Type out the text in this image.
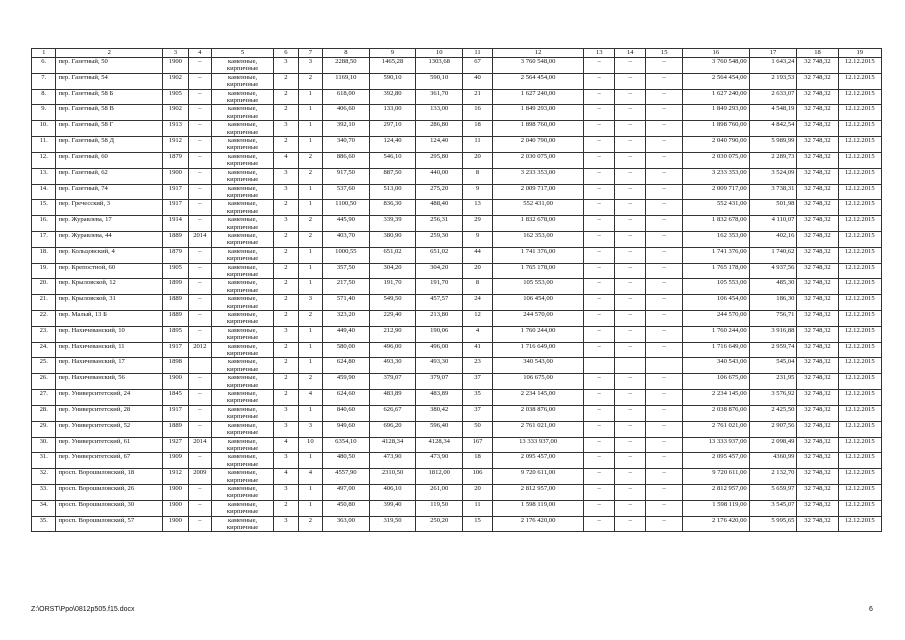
1	2	3	4	5	6	7	8	9	10	11	12	13	14	15	16	17	18	19
6.	пер. Газетный, 50	1900	–	каменные, кирпичные	3	3	2288,50	1465,28	1303,68	67	3 760 548,00	–	–	–	3 760 548,00	1 643,24	32 748,32	12.12.2015
7.	пер. Газетный, 54	1902	–	каменные, кирпичные	2	2	1169,10	590,10	590,10	40	2 564 454,00	–	–	–	2 564 454,00	2 193,53	32 748,32	12.12.2015
8.	пер. Газетный, 58 Б	1905	–	каменные, кирпичные	2	1	618,00	392,80	361,70	21	1 627 240,00	–	–	–	1 627 240,00	2 633,07	32 748,32	12.12.2015
9.	пер. Газетный, 58 В	1902	–	каменные, кирпичные	2	1	406,60	133,00	133,00	16	1 849 293,00	–	–	–	1 849 293,00	4 548,19	32 748,32	12.12.2015
10.	пер. Газетный, 58 Г	1913	–	каменные, кирпичные	3	1	392,10	297,10	286,80	18	1 898 760,00	–	–	–	1 898 760,00	4 842,54	32 748,32	12.12.2015
11.	пер. Газетный, 58 Д	1912	–	каменные, кирпичные	2	1	340,70	124,40	124,40	11	2 040 790,00	–	–	–	2 040 790,00	5 989,99	32 748,32	12.12.2015
12.	пер. Газетный, 60	1879	–	каменные, кирпичные	4	2	886,60	546,10	295,80	20	2 030 075,00	–	–	–	2 030 075,00	2 289,73	32 748,32	12.12.2015
13.	пер. Газетный, 62	1900	–	каменные, кирпичные	3	2	917,50	887,50	440,00	8	3 233 353,00	–	–	–	3 233 353,00	3 524,09	32 748,32	12.12.2015
14.	пер. Газетный, 74	1917	–	каменные, кирпичные	3	1	537,60	513,00	275,20	9	2 009 717,00	–	–	–	2 009 717,00	3 738,31	32 748,32	12.12.2015
15.	пер. Гречесский, 3	1917	–	каменные, кирпичные	2	1	1100,50	836,30	488,40	13	552 431,00	–	–	–	552 431,00	501,98	32 748,32	12.12.2015
16.	пер. Журавлева, 17	1914	–	каменные, кирпичные	3	2	445,90	339,39	256,31	29	1 832 678,00	–	–	–	1 832 678,00	4 110,07	32 748,32	12.12.2015
17.	пер. Журавлева, 44	1889	2014	каменные, кирпичные	2	2	403,70	380,90	259,30	9	162 353,00	–	–	–	162 353,00	402,16	32 748,32	12.12.2015
18.	пер. Кольцовский, 4	1879	–	каменные, кирпичные	2	1	1000,55	651,02	651,02	44	1 741 376,00	–	–	–	1 741 376,00	1 740,62	32 748,32	12.12.2015
19.	пер. Крепостной, 60	1905	–	каменные, кирпичные	2	1	357,50	304,20	304,20	20	1 765 178,00	–	–	–	1 765 178,00	4 937,56	32 748,32	12.12.2015
20.	пер. Крыловской, 12	1899	–	каменные, кирпичные	2	1	217,50	191,70	191,70	8	105 553,00	–	–	–	105 553,00	485,30	32 748,32	12.12.2015
21.	пер. Крыловской, 31	1889	–	каменные, кирпичные	2	3	571,40	549,50	457,57	24	106 454,00	–	–	–	106 454,00	186,30	32 748,32	12.12.2015
22.	пер. Малый, 13 Б	1889	–	каменные, кирпичные	2	2	323,20	229,40	213,80	12	244 570,00	–	–	–	244 570,00	756,71	32 748,32	12.12.2015
23.	пер. Нахичеванский, 10	1895	–	каменные, кирпичные	3	1	449,40	212,90	190,06	4	1 760 244,00	–	–	–	1 760 244,00	3 916,88	32 748,32	12.12.2015
24.	пер. Нахичеванский, 11	1917	2012	каменные, кирпичные	2	1	580,00	496,00	496,00	41	1 716 649,00	–	–	–	1 716 649,00	2 959,74	32 748,32	12.12.2015
25.	пер. Нахичеванский, 17	1898		каменные, кирпичные	2	1	624,80	493,30	493,30	23	340 543,00				340 543,00	545,04	32 748,32	12.12.2015
26.	пер. Нахичеванский, 56	1900	–	каменные, кирпичные	2	2	459,90	379,07	379,07	37	106 675,00	–	–	–	106 675,00	231,95	32 748,32	12.12.2015
27.	пер. Университетский, 24	1845	–	каменные, кирпичные	2	4	624,60	483,89	483,89	35	2 234 145,00	–	–	–	2 234 145,00	3 576,92	32 748,32	12.12.2015
28.	пер. Университетский, 28	1917	–	каменные, кирпичные	3	1	840,60	626,67	380,42	37	2 038 876,00	–	–	–	2 038 876,00	2 425,50	32 748,32	12.12.2015
29.	пер. Университетский, 52	1889	–	каменные, кирпичные	3	3	949,60	696,20	596,40	50	2 761 021,00	–	–	–	2 761 021,00	2 907,56	32 748,32	12.12.2015
30.	пер. Университетский, 61	1927	2014	каменные, кирпичные	4	10	6354,10	4128,34	4128,34	167	13 333 937,00	–	–	–	13 333 937,00	2 098,49	32 748,32	12.12.2015
31.	пер. Университетский, 67	1909	–	каменные, кирпичные	3	1	480,50	473,90	473,90	18	2 095 457,00	–	–	–	2 095 457,00	4360,99	32 748,32	12.12.2015
32.	просп. Ворошиловский, 18	1912	2009	каменные, кирпичные	4	4	4557,90	2310,50	1812,00	106	9 720 611,00	–	–	–	9 720 611,00	2 132,70	32 748,32	12.12.2015
33.	просп. Ворошиловский, 26	1900	–	каменные, кирпичные	3	1	497,00	406,10	261,00	20	2 812 957,00	–	–	–	2 812 957,00	5 659,97	32 748,32	12.12.2015
34.	просп. Ворошиловский, 30	1900	–	каменные, кирпичные	2	1	450,80	399,40	119,50	11	1 598 119,00	–	–	–	1 598 119,00	3 545,07	32 748,32	12.12.2015
35.	просп. Ворошиловский, 57	1900	–	каменные, кирпичные	3	2	363,00	319,50	250,20	15	2 176 420,00	–	–	–	2 176 420,00	5 995,65	32 748,32	12.12.2015
Z:\ORST\Ppo\0812p505.f15.docx	6
